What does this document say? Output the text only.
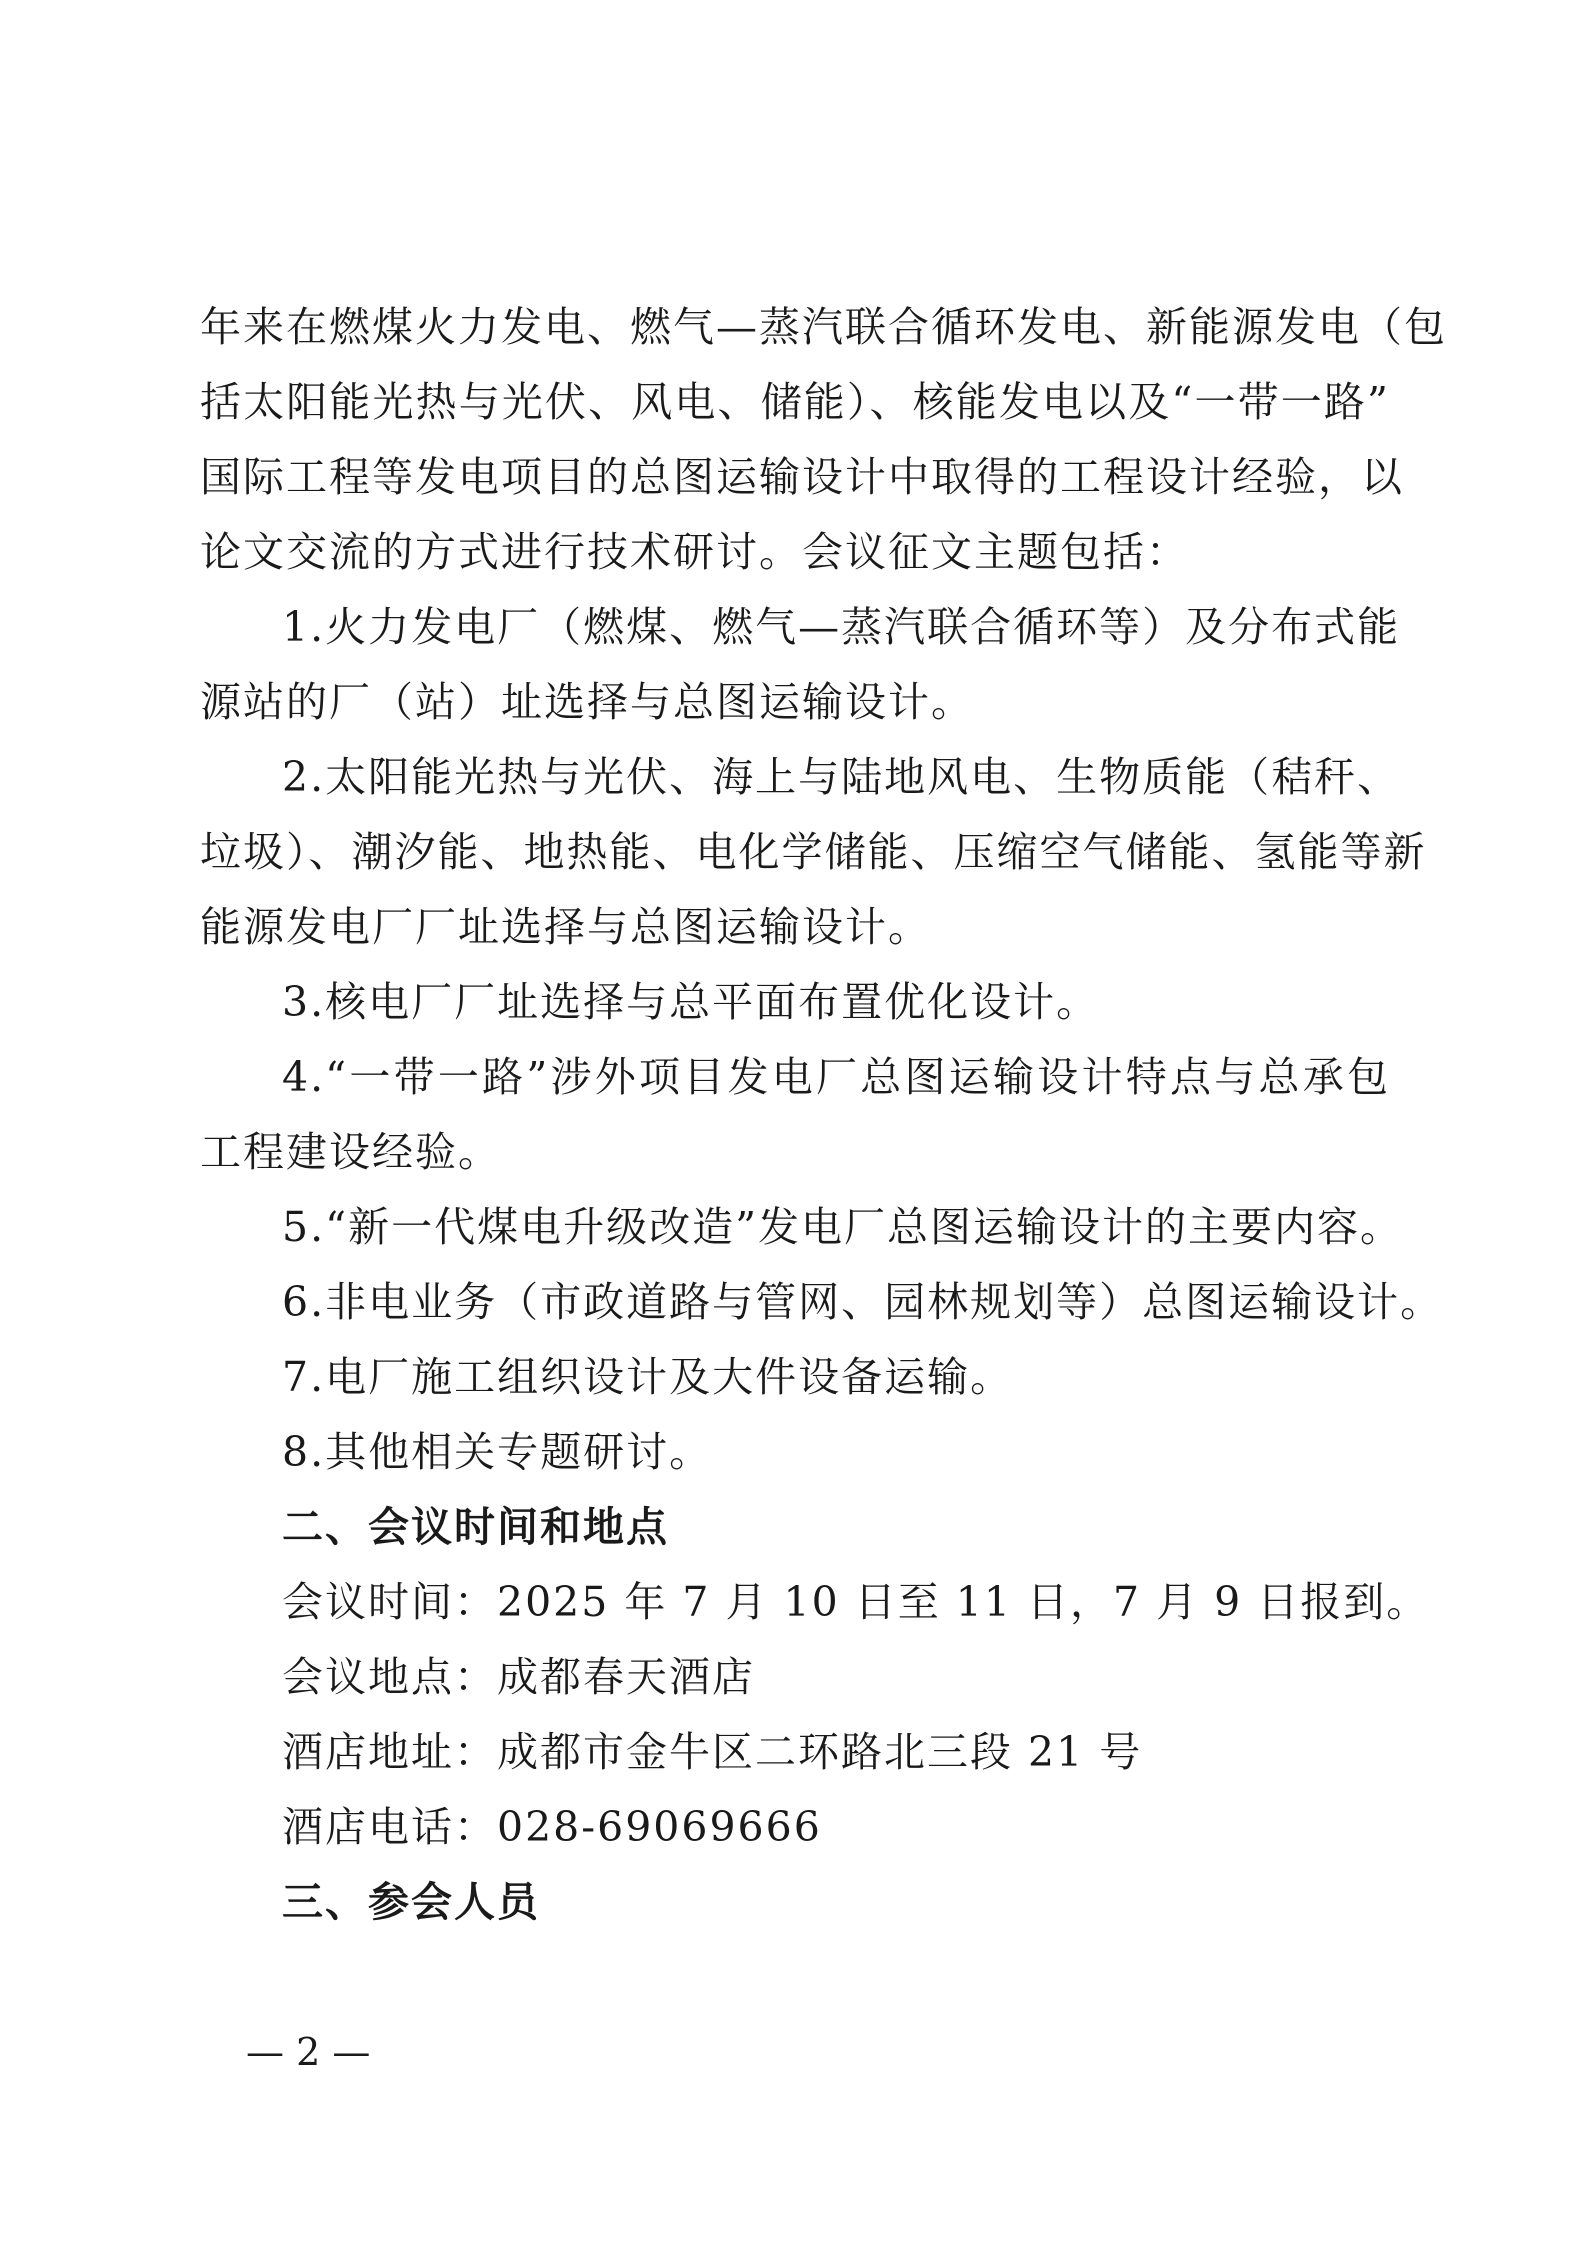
年来在燃煤火力发电、燃气—蒸汽联合循环发电、新能源发电（包
括太阳能光热与光伏、风电、储能）、核能发电以及“一带一路”
国际工程等发电项目的总图运输设计中取得的工程设计经验，以
论文交流的方式进行技术研讨。会议征文主题包括：
1.火力发电厂（燃煤、燃气—蒸汽联合循环等）及分布式能
源站的厂（站）址选择与总图运输设计。
2.太阳能光热与光伏、海上与陆地风电、生物质能（秸秆、
垃圾）、潮汐能、地热能、电化学储能、压缩空气储能、氢能等新
能源发电厂厂址选择与总图运输设计。
3.核电厂厂址选择与总平面布置优化设计。
4.“一带一路”涉外项目发电厂总图运输设计特点与总承包
工程建设经验。
5.“新一代煤电升级改造”发电厂总图运输设计的主要内容。
6.非电业务（市政道路与管网、园林规划等）总图运输设计。
7.电厂施工组织设计及大件设备运输。
8.其他相关专题研讨。
二、会议时间和地点
会议时间：2025 年 7 月 10 日至 11 日，7 月 9 日报到。
会议地点：成都春天酒店
酒店地址：成都市金牛区二环路北三段 21 号
酒店电话：028-69069666
三、参会人员
— 2 —
